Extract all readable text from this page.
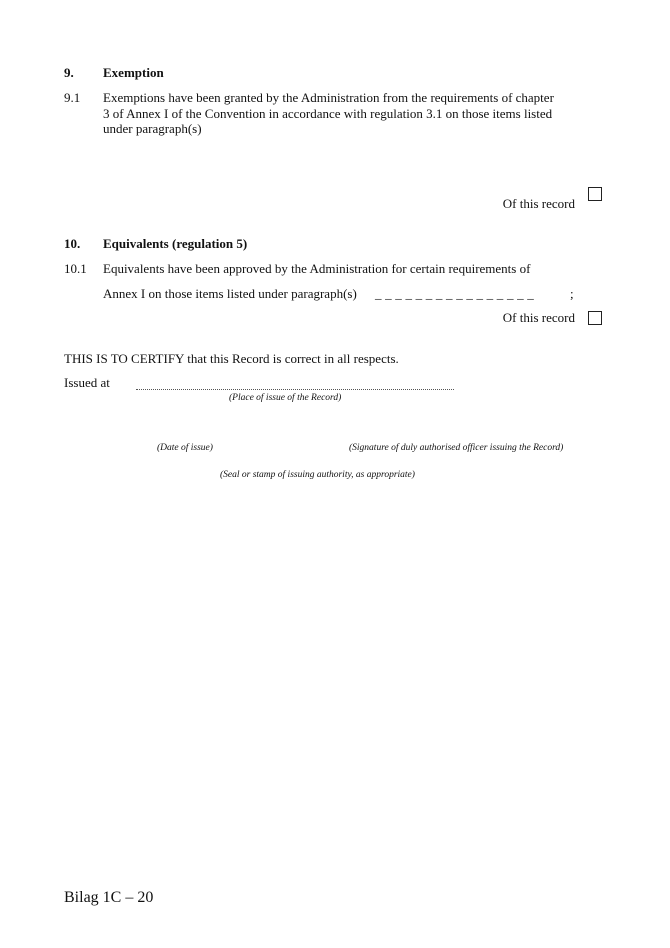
9. Exemption
9.1 Exemptions have been granted by the Administration from the requirements of chapter
3 of Annex I of the Convention in accordance with regulation 3.1 on those items listed
under paragraph(s)
Of this record
10. Equivalents (regulation 5)
10.1 Equivalents have been approved by the Administration for certain requirements of
Annex I on those items listed under paragraph(s) _ _ _ _ _ _ _ _ _ _ _ _ _ _ _ _	;
Of this record
THIS IS TO CERTIFY that this Record is correct in all respects.
Issued at
(Place of issue of the Record)
(Date of issue)	(Signature of duly authorised officer issuing the Record)
(Seal or stamp of issuing authority, as appropriate)
Bilag 1C – 20
